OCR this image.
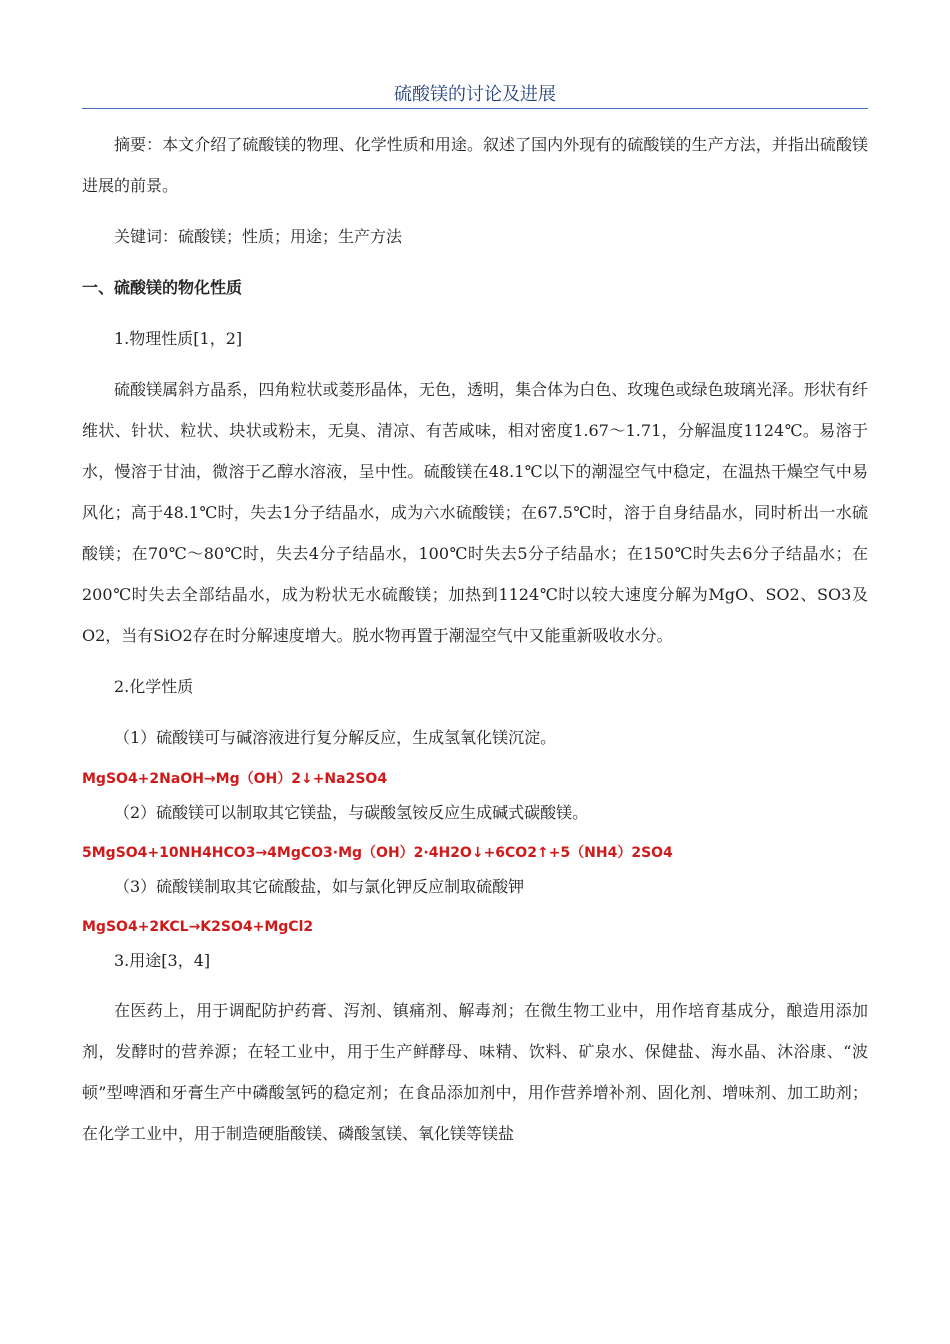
硫酸镁的讨论及进展

摘要：本文介绍了硫酸镁的物理、化学性质和用途。叙述了国内外现有的硫酸镁的生产方法，并指出硫酸镁进展的前景。

关键词：硫酸镁；性质；用途；生产方法

一、硫酸镁的物化性质
1.物理性质[1，2]

硫酸镁属斜方晶系，四角粒状或菱形晶体，无色，透明，集合体为白色、玫瑰色或绿色玻璃光泽。形状有纤维状、针状、粒状、块状或粉末，无臭、清凉、有苦咸味，相对密度1.67～1.71，分解温度1124℃。易溶于水，慢溶于甘油，微溶于乙醇水溶液，呈中性。硫酸镁在48.1℃以下的潮湿空气中稳定，在温热干燥空气中易风化；高于48.1℃时，失去1分子结晶水，成为六水硫酸镁；在67.5℃时，溶于自身结晶水，同时析出一水硫酸镁；在70℃～80℃时，失去4分子结晶水，100℃时失去5分子结晶水；在150℃时失去6分子结晶水；在200℃时失去全部结晶水，成为粉状无水硫酸镁；加热到1124℃时以较大速度分解为MgO、SO2、SO3及O2，当有SiO2存在时分解速度增大。脱水物再置于潮湿空气中又能重新吸收水分。

2.化学性质
（1）硫酸镁可与碱溶液进行复分解反应，生成氢氧化镁沉淀。
MgSO4+2NaOH→Mg（OH）2↓+Na2SO4
（2）硫酸镁可以制取其它镁盐，与碳酸氢铵反应生成碱式碳酸镁。
5MgSO4+10NH4HCO3→4MgCO3·Mg（OH）2·4H2O↓+6CO2↑+5（NH4）2SO4
（3）硫酸镁制取其它硫酸盐，如与氯化钾反应制取硫酸钾
MgSO4+2KCL→K2SO4+MgCl2
3.用途[3，4]

在医药上，用于调配防护药膏、泻剂、镇痛剂、解毒剂；在微生物工业中，用作培育基成分，酿造用添加剂，发酵时的营养源；在轻工业中，用于生产鲜酵母、味精、饮料、矿泉水、保健盐、海水晶、沐浴康、“波顿”型啤酒和牙膏生产中磷酸氢钙的稳定剂；在食品添加剂中，用作营养增补剂、固化剂、增味剂、加工助剂；在化学工业中，用于制造硬脂酸镁、磷酸氢镁、氧化镁等镁盐
